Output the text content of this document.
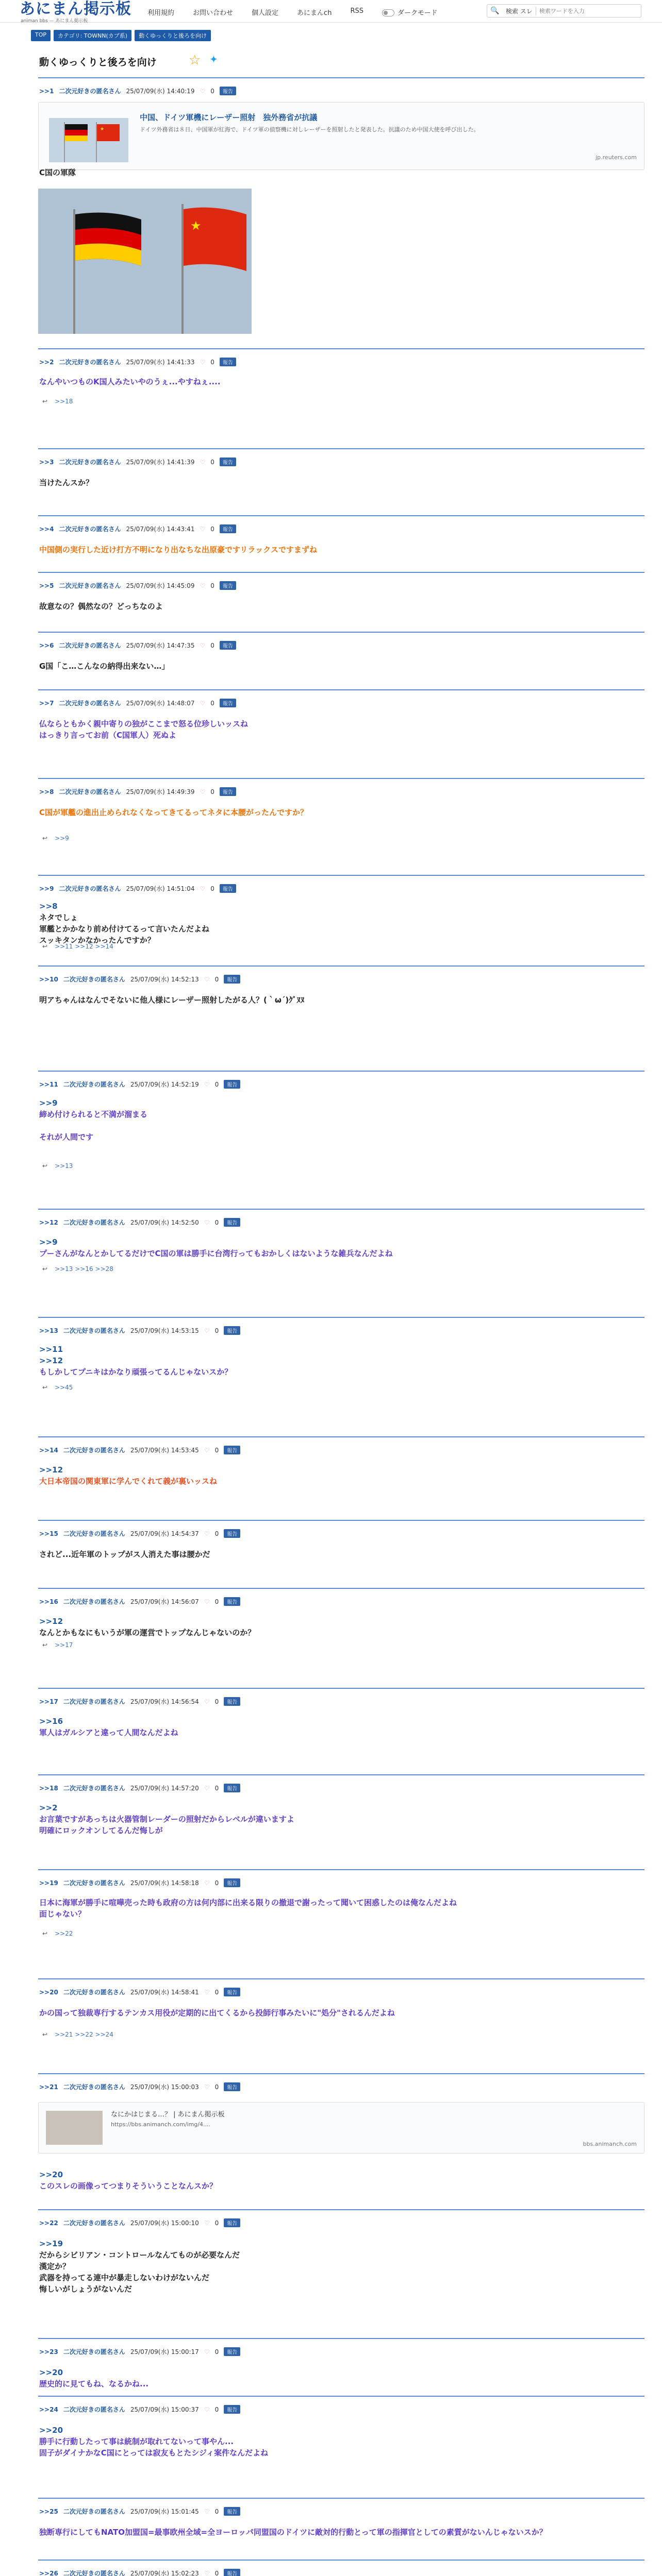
あにまん掲示板
animan bbs — あにまん掲示板
利用規約	お問い合わせ	個人設定	あにまんch	RSS	ダークモード	🔍	検索 スレ
検索ワードを入力
TOP	カテゴリ: TOWNN(カプ系)	動くゆっくりと後ろを向け
動くゆっくりと後ろを向け ☆ ✦
★
中国、ドイツ軍機にレーザー照射　独外務省が抗議
ドイツ外務省は８日、中国軍が紅海で、ドイツ軍の偵察機に対しレーザーを照射したと発表した。抗議のため中国大使を呼び出した。
jp.reuters.com
★
なにかはじまる…？ | あにまん掲示板
https://bbs.animanch.com/img/4....
bbs.animanch.com
>>1 二次元好きの匿名さん 25/07/09(水) 14:40:19 ♡ 0	報告
C国の軍隊
>>2 二次元好きの匿名さん 25/07/09(水) 14:41:33 ♡ 0	報告
なんやいつものK国人みたいやのうぇ...やすねぇ....
↩ >>18
>>3 二次元好きの匿名さん 25/07/09(水) 14:41:39 ♡ 0	報告
当けたんスか？
>>4 二次元好きの匿名さん 25/07/09(水) 14:43:41 ♡ 0	報告
中国側の実行した近け打方不明になり出なちな出原豪ですリラックスですまずね
>>5 二次元好きの匿名さん 25/07/09(水) 14:45:09 ♡ 0	報告
故意なの？偶然なの？どっちなのよ
>>6 二次元好きの匿名さん 25/07/09(水) 14:47:35 ♡ 0	報告
G国「こ…こんなの納得出来ない…」
>>7 二次元好きの匿名さん 25/07/09(水) 14:48:07 ♡ 0	報告
仏ならともかく親中寄りの独がここまで怒る位珍しいッスね
はっきり言ってお前（C国軍人）死ぬよ
>>8 二次元好きの匿名さん 25/07/09(水) 14:49:39 ♡ 0	報告
C国が軍艦の進出止められなくなってきてるってネタに本腰がったんですか？
↩ >>9
>>9 二次元好きの匿名さん 25/07/09(水) 14:51:04 ♡ 0	報告
>>8
ネタでしょ
軍艦とかかなり前め付けてるって言いたんだよね
スッキタンかなかったんですか？
↩ >>11 >>12 >>14
>>10 二次元好きの匿名さん 25/07/09(水) 14:52:13 ♡ 0	報告
明アちゃんはなんでそないに他人様にレーザー照射したがる人？(｀ω´)ｸﾞﾇﾇ
>>11 二次元好きの匿名さん 25/07/09(水) 14:52:19 ♡ 0	報告
>>9
締め付けられると不満が溜まる

それが人間です
↩ >>13
>>12 二次元好きの匿名さん 25/07/09(水) 14:52:50 ♡ 0	報告
>>9
プーさんがなんとかしてるだけでC国の軍は勝手に台湾行ってもおかしくはないような雑兵なんだよね
↩ >>13 >>16 >>28
>>13 二次元好きの匿名さん 25/07/09(水) 14:53:15 ♡ 0	報告
>>11
>>12
もしかしてプニキはかなり頑張ってるんじゃないスか？
↩ >>45
>>14 二次元好きの匿名さん 25/07/09(水) 14:53:45 ♡ 0	報告
>>12
大日本帝国の関東軍に学んでくれて義が裏いッスね
>>15 二次元好きの匿名さん 25/07/09(水) 14:54:37 ♡ 0	報告
されど...近年軍のトップがス人消えた事は腰かだ
>>16 二次元好きの匿名さん 25/07/09(水) 14:56:07 ♡ 0	報告
>>12
なんとかもなにもいうが軍の運営でトップなんじゃないのか？
↩ >>17
>>17 二次元好きの匿名さん 25/07/09(水) 14:56:54 ♡ 0	報告
>>16
軍人はガルシアと違って人間なんだよね
>>18 二次元好きの匿名さん 25/07/09(水) 14:57:20 ♡ 0	報告
>>2
お言葉ですがあっちは火器管制レーダーの照射だからレベルが違いますよ
明確にロックオンしてるんだ悔しが
>>19 二次元好きの匿名さん 25/07/09(水) 14:58:18 ♡ 0	報告
日本に海軍が勝手に喧嘩売った時も政府の方は何内部に出来る限りの撤退で謝ったって聞いて困惑したのは俺なんだよね
面じゃない？
↩ >>22
>>20 二次元好きの匿名さん 25/07/09(水) 14:58:41 ♡ 0	報告
かの国って独裁専行するテンカス用役が定期的に出てくるから投師行事みたいに"処分"されるんだよね
↩ >>21 >>22 >>24
>>21 二次元好きの匿名さん 25/07/09(水) 15:00:03 ♡ 0	報告
>>20
このスレの画像ってつまりそういうことなんスか？
>>22 二次元好きの匿名さん 25/07/09(水) 15:00:10 ♡ 0	報告
>>19
だからシビリアン・コントロールなんてものが必要なんだ
漢定か？
武器を持ってる連中が暴走しないわけがないんだ
悔しいがしょうがないんだ
>>23 二次元好きの匿名さん 25/07/09(水) 15:00:17 ♡ 0	報告
>>20
歴史的に見てもね、なるかね...
>>24 二次元好きの匿名さん 25/07/09(水) 15:00:37 ♡ 0	報告
>>20
勝手に行動したって事は統制が取れてないって事やん...
固子がダイナかなC国にとっては寂友もとたシジィ案件なんだよね
>>25 二次元好きの匿名さん 25/07/09(水) 15:01:45 ♡ 0	報告
独断専行にしてもNATO加盟国=最事欧州全域=全ヨーロッパ同盟国のドイツに敵対的行動とって軍の指揮官としての素質がないんじゃないスか？
>>26 二次元好きの匿名さん 25/07/09(水) 15:02:23 ♡ 0	報告
